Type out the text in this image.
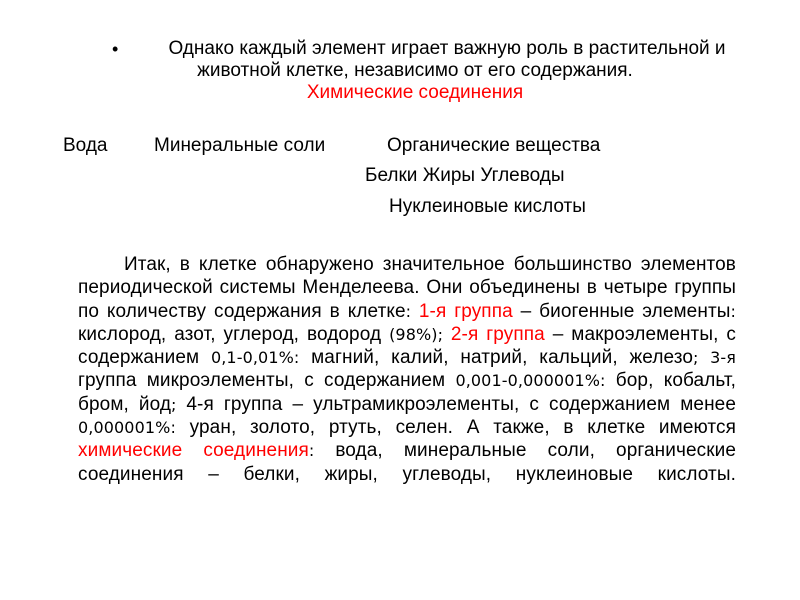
•	Однако каждый элемент играет важную роль в растительной и животной клетке, независимо от его содержания.
Химические соединения

Вода Минеральные соли	Органические вещества

Белки Жиры Углеводы

Нуклеиновые кислоты

Итак, в клетке обнаружено значительное большинство элементов периодической системы Менделеева. Они объединены в четыре группы по количеству содержания в клетке: 1-я группа – биогенные элементы: кислород, азот, углерод, водород (98%); 2-я группа – макроэлементы, с содержанием 0,1-0,01%: магний, калий, натрий, кальций, железо; 3-я группа микроэлементы, с содержанием 0,001-0,000001%: бор, кобальт, бром, йод; 4-я группа – ультрамикроэлементы, с содержанием менее 0,000001%: уран, золото, ртуть, селен. А также, в клетке имеются химические соединения: вода, минеральные соли, органические соединения – белки, жиры, углеводы, нуклеиновые кислоты.
